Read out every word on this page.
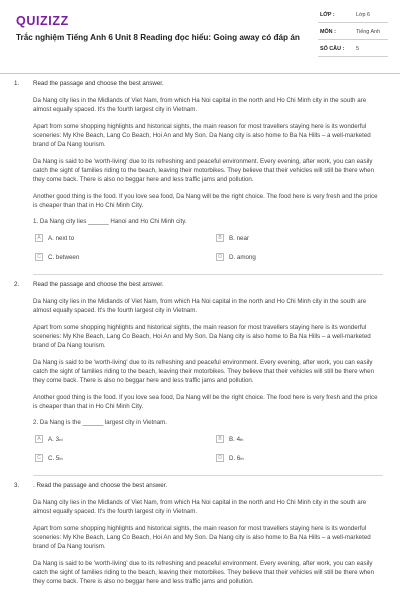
QUIZIZZ
Trắc nghiệm Tiếng Anh 6 Unit 8 Reading đọc hiểu: Going away có đáp án
LỚP :	Lớp 6
MÔN :	Tiếng Anh
SỐ CÂU : 5
1. Read the passage and choose the best answer.
Da Nang city lies in the Midlands of Viet Nam, from which Ha Noi capital in the north and Ho Chi Minh city in the south are almost equally spaced. It's the fourth largest city in Vietnam.
Apart from some shopping highlights and historical sights, the main reason for most travellers staying here is its wonderful sceneries: My Khe Beach, Lang Co Beach, Hoi An and My Son. Da Nang city is also home to Ba Na Hills – a well-marketed brand of Da Nang tourism.
Da Nang is said to be 'worth-living' due to its refreshing and peaceful environment. Every evening, after work, you can easily catch the sight of families riding to the beach, leaving their motorbikes. They believe that their vehicles will still be there when they come back. There is also no beggar here and less traffic jams and pollution.
Another good thing is the food. If you love sea food, Da Nang will be the right choice. The food here is very fresh and the price is cheaper than that in Ho Chi Minh City.
1. Da Nang city lies ______ Hanoi and Ho Chi Minh city.
A	A. next to	B	B. near
C	C. between	D	D. among
2. Read the passage and choose the best answer.
Da Nang city lies in the Midlands of Viet Nam, from which Ha Noi capital in the north and Ho Chi Minh city in the south are almost equally spaced. It's the fourth largest city in Vietnam.
Apart from some shopping highlights and historical sights, the main reason for most travellers staying here is its wonderful sceneries: My Khe Beach, Lang Co Beach, Hoi An and My Son. Da Nang city is also home to Ba Na Hills – a well-marketed brand of Da Nang tourism.
Da Nang is said to be 'worth-living' due to its refreshing and peaceful environment. Every evening, after work, you can easily catch the sight of families riding to the beach, leaving their motorbikes. They believe that their vehicles will still be there when they come back. There is also no beggar here and less traffic jams and pollution.
Another good thing is the food. If you love sea food, Da Nang will be the right choice. The food here is very fresh and the price is cheaper than that in Ho Chi Minh City.
2. Da Nang is the ______ largest city in Vietnam.
A	A. 3 rd	B	B. 4 th
C	C. 5 th	D	D. 6 th
3. . Read the passage and choose the best answer.
Da Nang city lies in the Midlands of Viet Nam, from which Ha Noi capital in the north and Ho Chi Minh city in the south are almost equally spaced. It's the fourth largest city in Vietnam.
Apart from some shopping highlights and historical sights, the main reason for most travellers staying here is its wonderful sceneries: My Khe Beach, Lang Co Beach, Hoi An and My Son. Da Nang city is also home to Ba Na Hills – a well-marketed brand of Da Nang tourism.
Da Nang is said to be 'worth-living' due to its refreshing and peaceful environment. Every evening, after work, you can easily catch the sight of families riding to the beach, leaving their motorbikes. They believe that their vehicles will still be there when they come back. There is also no beggar here and less traffic jams and pollution.
